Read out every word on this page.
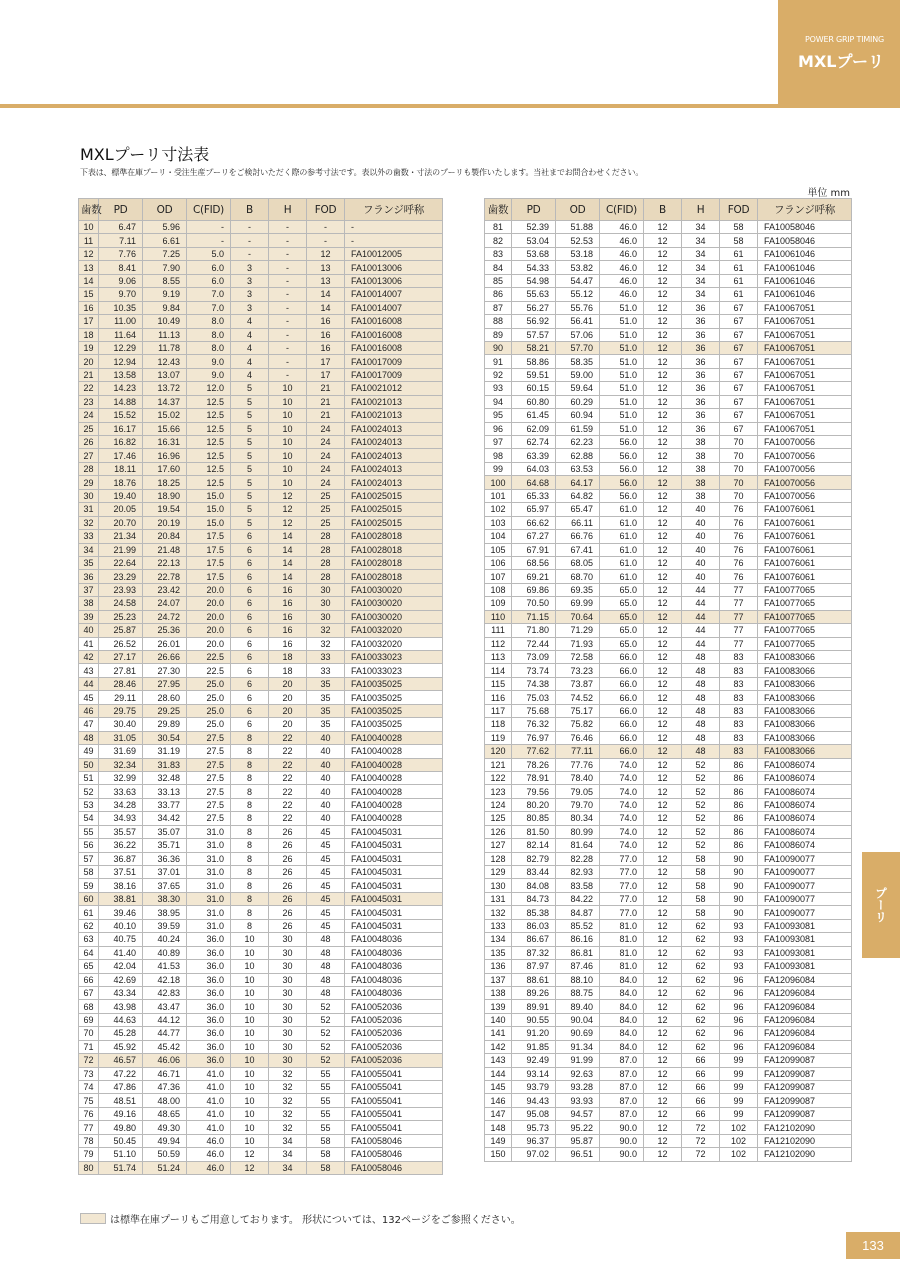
POWER GRIP TIMING
MXLプーリ
MXLプーリ寸法表
下表は、標準在庫プーリ・受注生産プーリをご検討いただく際の参考寸法です。表以外の歯数・寸法のプーリも製作いたします。当社までお問合わせください。
単位 mm
歯数	PD	OD	C(FID)	B	H	FOD	フランジ呼称
10	6.47	5.96	-	-	-	-	-
11	7.11	6.61	-	-	-	-	-
12	7.76	7.25	5.0	-	-	12	FA10012005
13	8.41	7.90	6.0	3	-	13	FA10013006
14	9.06	8.55	6.0	3	-	13	FA10013006
15	9.70	9.19	7.0	3	-	14	FA10014007
16	10.35	9.84	7.0	3	-	14	FA10014007
17	11.00	10.49	8.0	4	-	16	FA10016008
18	11.64	11.13	8.0	4	-	16	FA10016008
19	12.29	11.78	8.0	4	-	16	FA10016008
20	12.94	12.43	9.0	4	-	17	FA10017009
21	13.58	13.07	9.0	4	-	17	FA10017009
22	14.23	13.72	12.0	5	10	21	FA10021012
23	14.88	14.37	12.5	5	10	21	FA10021013
24	15.52	15.02	12.5	5	10	21	FA10021013
25	16.17	15.66	12.5	5	10	24	FA10024013
26	16.82	16.31	12.5	5	10	24	FA10024013
27	17.46	16.96	12.5	5	10	24	FA10024013
28	18.11	17.60	12.5	5	10	24	FA10024013
29	18.76	18.25	12.5	5	10	24	FA10024013
30	19.40	18.90	15.0	5	12	25	FA10025015
31	20.05	19.54	15.0	5	12	25	FA10025015
32	20.70	20.19	15.0	5	12	25	FA10025015
33	21.34	20.84	17.5	6	14	28	FA10028018
34	21.99	21.48	17.5	6	14	28	FA10028018
35	22.64	22.13	17.5	6	14	28	FA10028018
36	23.29	22.78	17.5	6	14	28	FA10028018
37	23.93	23.42	20.0	6	16	30	FA10030020
38	24.58	24.07	20.0	6	16	30	FA10030020
39	25.23	24.72	20.0	6	16	30	FA10030020
40	25.87	25.36	20.0	6	16	32	FA10032020
41	26.52	26.01	20.0	6	16	32	FA10032020
42	27.17	26.66	22.5	6	18	33	FA10033023
43	27.81	27.30	22.5	6	18	33	FA10033023
44	28.46	27.95	25.0	6	20	35	FA10035025
45	29.11	28.60	25.0	6	20	35	FA10035025
46	29.75	29.25	25.0	6	20	35	FA10035025
47	30.40	29.89	25.0	6	20	35	FA10035025
48	31.05	30.54	27.5	8	22	40	FA10040028
49	31.69	31.19	27.5	8	22	40	FA10040028
50	32.34	31.83	27.5	8	22	40	FA10040028
51	32.99	32.48	27.5	8	22	40	FA10040028
52	33.63	33.13	27.5	8	22	40	FA10040028
53	34.28	33.77	27.5	8	22	40	FA10040028
54	34.93	34.42	27.5	8	22	40	FA10040028
55	35.57	35.07	31.0	8	26	45	FA10045031
56	36.22	35.71	31.0	8	26	45	FA10045031
57	36.87	36.36	31.0	8	26	45	FA10045031
58	37.51	37.01	31.0	8	26	45	FA10045031
59	38.16	37.65	31.0	8	26	45	FA10045031
60	38.81	38.30	31.0	8	26	45	FA10045031
61	39.46	38.95	31.0	8	26	45	FA10045031
62	40.10	39.59	31.0	8	26	45	FA10045031
63	40.75	40.24	36.0	10	30	48	FA10048036
64	41.40	40.89	36.0	10	30	48	FA10048036
65	42.04	41.53	36.0	10	30	48	FA10048036
66	42.69	42.18	36.0	10	30	48	FA10048036
67	43.34	42.83	36.0	10	30	48	FA10048036
68	43.98	43.47	36.0	10	30	52	FA10052036
69	44.63	44.12	36.0	10	30	52	FA10052036
70	45.28	44.77	36.0	10	30	52	FA10052036
71	45.92	45.42	36.0	10	30	52	FA10052036
72	46.57	46.06	36.0	10	30	52	FA10052036
73	47.22	46.71	41.0	10	32	55	FA10055041
74	47.86	47.36	41.0	10	32	55	FA10055041
75	48.51	48.00	41.0	10	32	55	FA10055041
76	49.16	48.65	41.0	10	32	55	FA10055041
77	49.80	49.30	41.0	10	32	55	FA10055041
78	50.45	49.94	46.0	10	34	58	FA10058046
79	51.10	50.59	46.0	12	34	58	FA10058046
80	51.74	51.24	46.0	12	34	58	FA10058046
歯数	PD	OD	C(FID)	B	H	FOD	フランジ呼称
81	52.39	51.88	46.0	12	34	58	FA10058046
82	53.04	52.53	46.0	12	34	58	FA10058046
83	53.68	53.18	46.0	12	34	61	FA10061046
84	54.33	53.82	46.0	12	34	61	FA10061046
85	54.98	54.47	46.0	12	34	61	FA10061046
86	55.63	55.12	46.0	12	34	61	FA10061046
87	56.27	55.76	51.0	12	36	67	FA10067051
88	56.92	56.41	51.0	12	36	67	FA10067051
89	57.57	57.06	51.0	12	36	67	FA10067051
90	58.21	57.70	51.0	12	36	67	FA10067051
91	58.86	58.35	51.0	12	36	67	FA10067051
92	59.51	59.00	51.0	12	36	67	FA10067051
93	60.15	59.64	51.0	12	36	67	FA10067051
94	60.80	60.29	51.0	12	36	67	FA10067051
95	61.45	60.94	51.0	12	36	67	FA10067051
96	62.09	61.59	51.0	12	36	67	FA10067051
97	62.74	62.23	56.0	12	38	70	FA10070056
98	63.39	62.88	56.0	12	38	70	FA10070056
99	64.03	63.53	56.0	12	38	70	FA10070056
100	64.68	64.17	56.0	12	38	70	FA10070056
101	65.33	64.82	56.0	12	38	70	FA10070056
102	65.97	65.47	61.0	12	40	76	FA10076061
103	66.62	66.11	61.0	12	40	76	FA10076061
104	67.27	66.76	61.0	12	40	76	FA10076061
105	67.91	67.41	61.0	12	40	76	FA10076061
106	68.56	68.05	61.0	12	40	76	FA10076061
107	69.21	68.70	61.0	12	40	76	FA10076061
108	69.86	69.35	65.0	12	44	77	FA10077065
109	70.50	69.99	65.0	12	44	77	FA10077065
110	71.15	70.64	65.0	12	44	77	FA10077065
111	71.80	71.29	65.0	12	44	77	FA10077065
112	72.44	71.93	65.0	12	44	77	FA10077065
113	73.09	72.58	66.0	12	48	83	FA10083066
114	73.74	73.23	66.0	12	48	83	FA10083066
115	74.38	73.87	66.0	12	48	83	FA10083066
116	75.03	74.52	66.0	12	48	83	FA10083066
117	75.68	75.17	66.0	12	48	83	FA10083066
118	76.32	75.82	66.0	12	48	83	FA10083066
119	76.97	76.46	66.0	12	48	83	FA10083066
120	77.62	77.11	66.0	12	48	83	FA10083066
121	78.26	77.76	74.0	12	52	86	FA10086074
122	78.91	78.40	74.0	12	52	86	FA10086074
123	79.56	79.05	74.0	12	52	86	FA10086074
124	80.20	79.70	74.0	12	52	86	FA10086074
125	80.85	80.34	74.0	12	52	86	FA10086074
126	81.50	80.99	74.0	12	52	86	FA10086074
127	82.14	81.64	74.0	12	52	86	FA10086074
128	82.79	82.28	77.0	12	58	90	FA10090077
129	83.44	82.93	77.0	12	58	90	FA10090077
130	84.08	83.58	77.0	12	58	90	FA10090077
131	84.73	84.22	77.0	12	58	90	FA10090077
132	85.38	84.87	77.0	12	58	90	FA10090077
133	86.03	85.52	81.0	12	62	93	FA10093081
134	86.67	86.16	81.0	12	62	93	FA10093081
135	87.32	86.81	81.0	12	62	93	FA10093081
136	87.97	87.46	81.0	12	62	93	FA10093081
137	88.61	88.10	84.0	12	62	96	FA12096084
138	89.26	88.75	84.0	12	62	96	FA12096084
139	89.91	89.40	84.0	12	62	96	FA12096084
140	90.55	90.04	84.0	12	62	96	FA12096084
141	91.20	90.69	84.0	12	62	96	FA12096084
142	91.85	91.34	84.0	12	62	96	FA12096084
143	92.49	91.99	87.0	12	66	99	FA12099087
144	93.14	92.63	87.0	12	66	99	FA12099087
145	93.79	93.28	87.0	12	66	99	FA12099087
146	94.43	93.93	87.0	12	66	99	FA12099087
147	95.08	94.57	87.0	12	66	99	FA12099087
148	95.73	95.22	90.0	12	72	102	FA12102090
149	96.37	95.87	90.0	12	72	102	FA12102090
150	97.02	96.51	90.0	12	72	102	FA12102090
は標準在庫プーリもご用意しております。 形状については、132ページをご参照ください。
プーリ
133
